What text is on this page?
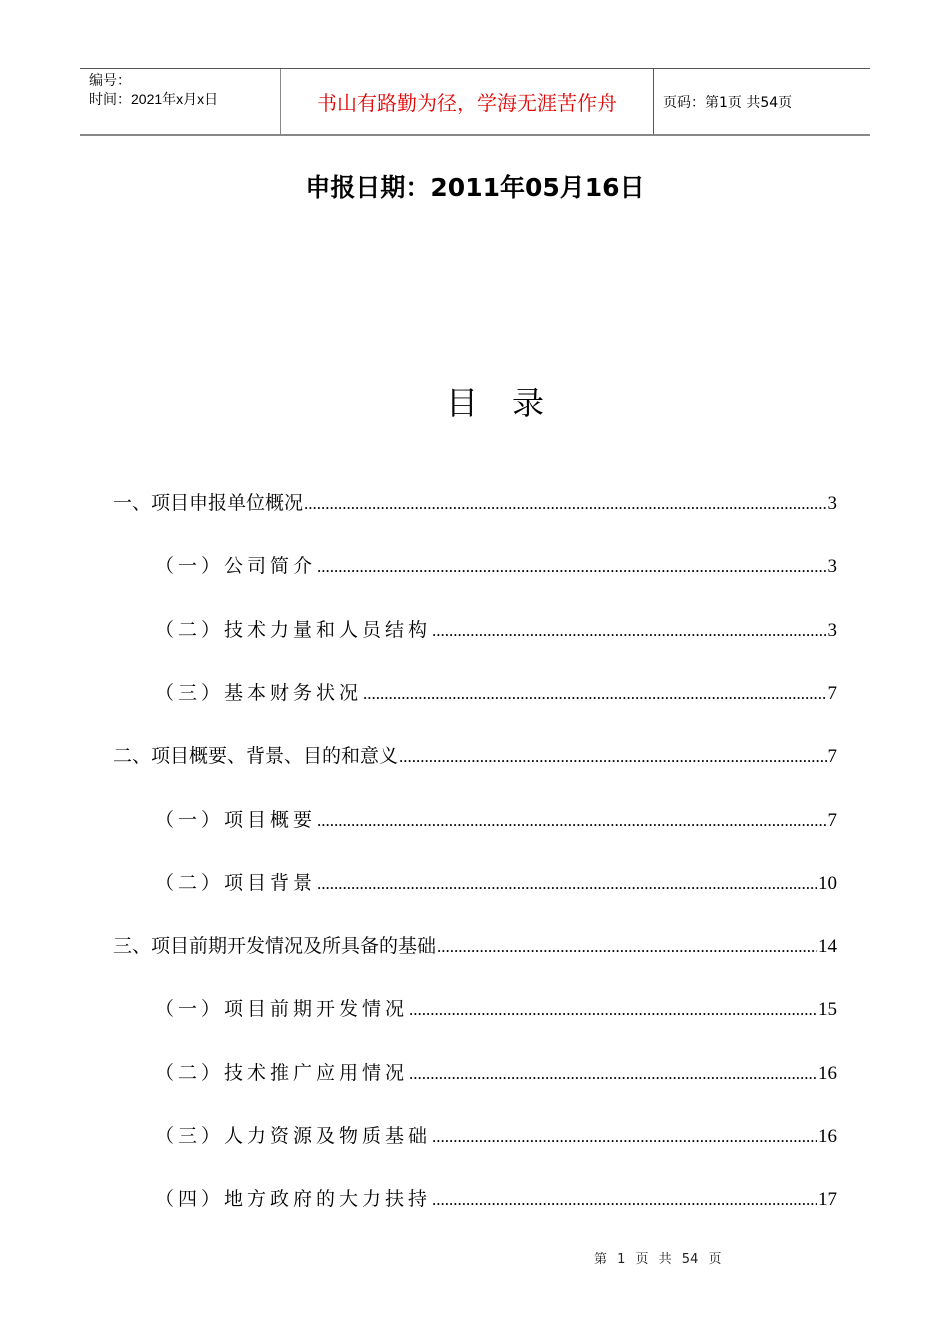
编号：
时间：2021年x月x日	书山有路勤为径，学海无涯苦作舟	页码：第1页 共54页
申报日期：2011年05月16日
目录
一、项目申报单位概况 .....	3
（一）公司简介 .....	3
（二）技术力量和人员结构 .....	3
（三）基本财务状况 .....	7
二、项目概要、背景、目的和意义 .....	7
（一）项目概要 .....	7
（二）项目背景 .....	10
三、项目前期开发情况及所具备的基础 .....	14
（一）项目前期开发情况 .....	15
（二）技术推广应用情况 .....	16
（三）人力资源及物质基础 .....	16
（四）地方政府的大力扶持 .....	17
第 1 页 共 54 页
